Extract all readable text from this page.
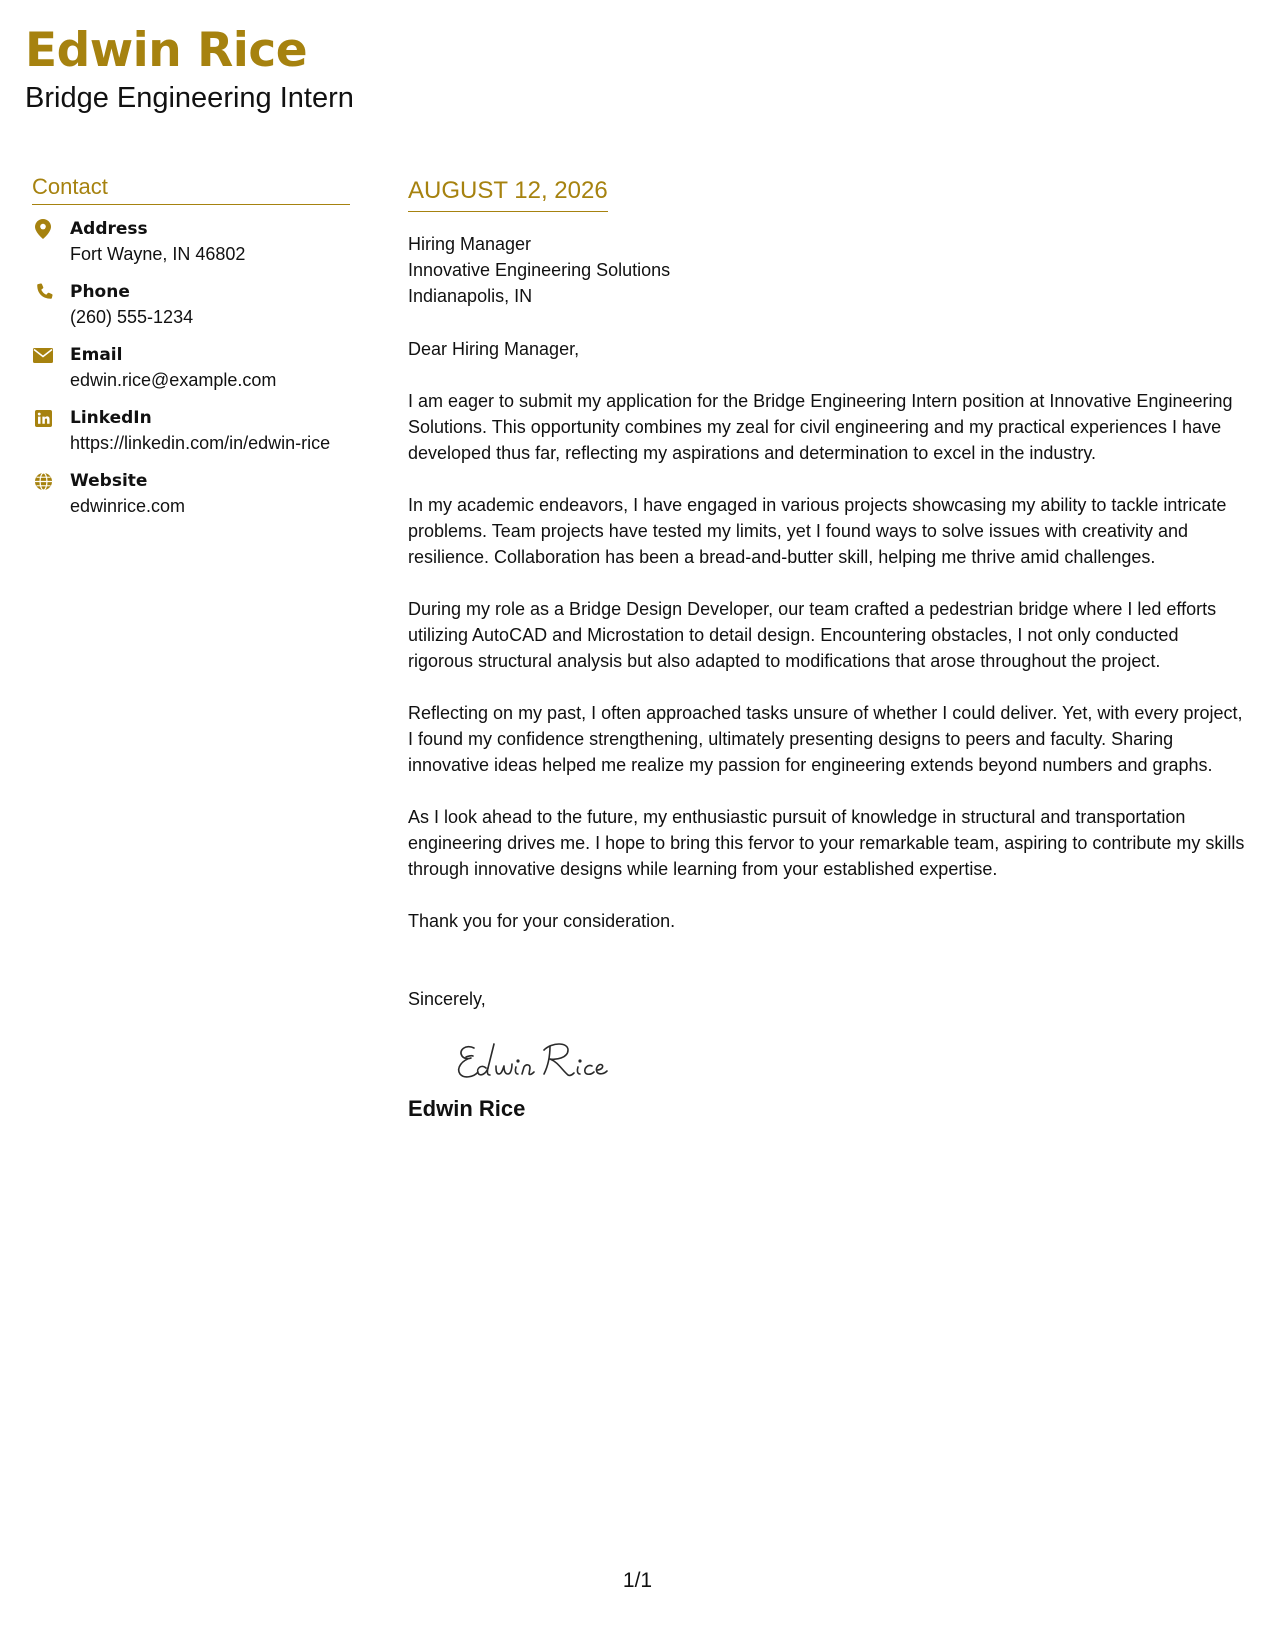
Edwin Rice
Bridge Engineering Intern
Contact
Address
Fort Wayne, IN 46802
Phone
(260) 555-1234
Email
edwin.rice@example.com
LinkedIn
https://linkedin.com/in/edwin-rice
Website
edwinrice.com
AUGUST 12, 2026
Hiring Manager
Innovative Engineering Solutions
Indianapolis, IN
Dear Hiring Manager,
I am eager to submit my application for the Bridge Engineering Intern position at Innovative Engineering Solutions. This opportunity combines my zeal for civil engineering and my practical experiences I have developed thus far, reflecting my aspirations and determination to excel in the industry.
In my academic endeavors, I have engaged in various projects showcasing my ability to tackle intricate problems. Team projects have tested my limits, yet I found ways to solve issues with creativity and resilience. Collaboration has been a bread-and-butter skill, helping me thrive amid challenges.
During my role as a Bridge Design Developer, our team crafted a pedestrian bridge where I led efforts utilizing AutoCAD and Microstation to detail design. Encountering obstacles, I not only conducted rigorous structural analysis but also adapted to modifications that arose throughout the project.
Reflecting on my past, I often approached tasks unsure of whether I could deliver. Yet, with every project, I found my confidence strengthening, ultimately presenting designs to peers and faculty. Sharing innovative ideas helped me realize my passion for engineering extends beyond numbers and graphs.
As I look ahead to the future, my enthusiastic pursuit of knowledge in structural and transportation engineering drives me. I hope to bring this fervor to your remarkable team, aspiring to contribute my skills through innovative designs while learning from your established expertise.
Thank you for your consideration.
Sincerely,
Edwin Rice
1/1
